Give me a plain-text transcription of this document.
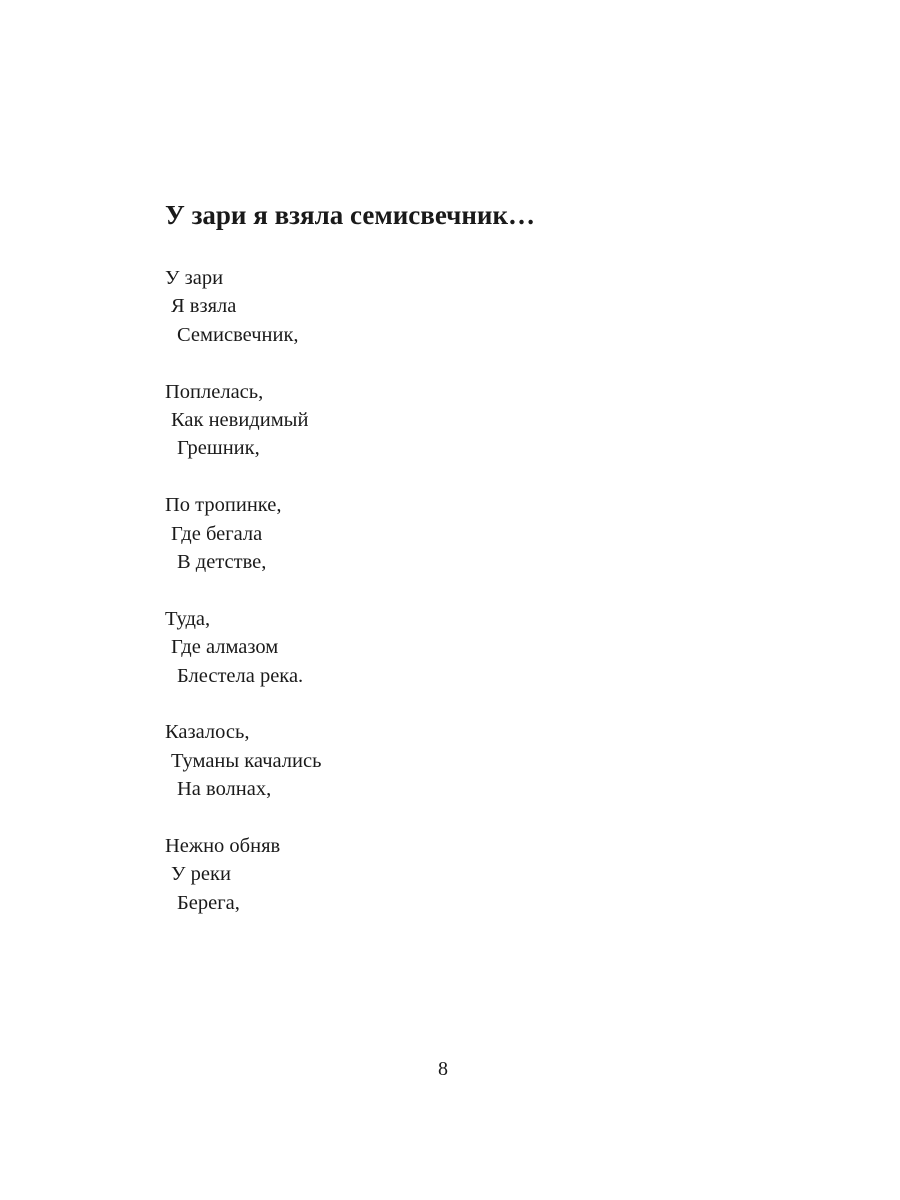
У зари я взяла семисвечник…
У зари
Я взяла
Семисвечник,
Поплелась,
Как невидимый
Грешник,
По тропинке,
Где бегала
В детстве,
Туда,
Где алмазом
Блестела река.
Казалось,
Туманы качались
На волнах,
Нежно обняв
У реки
Берега,
8
